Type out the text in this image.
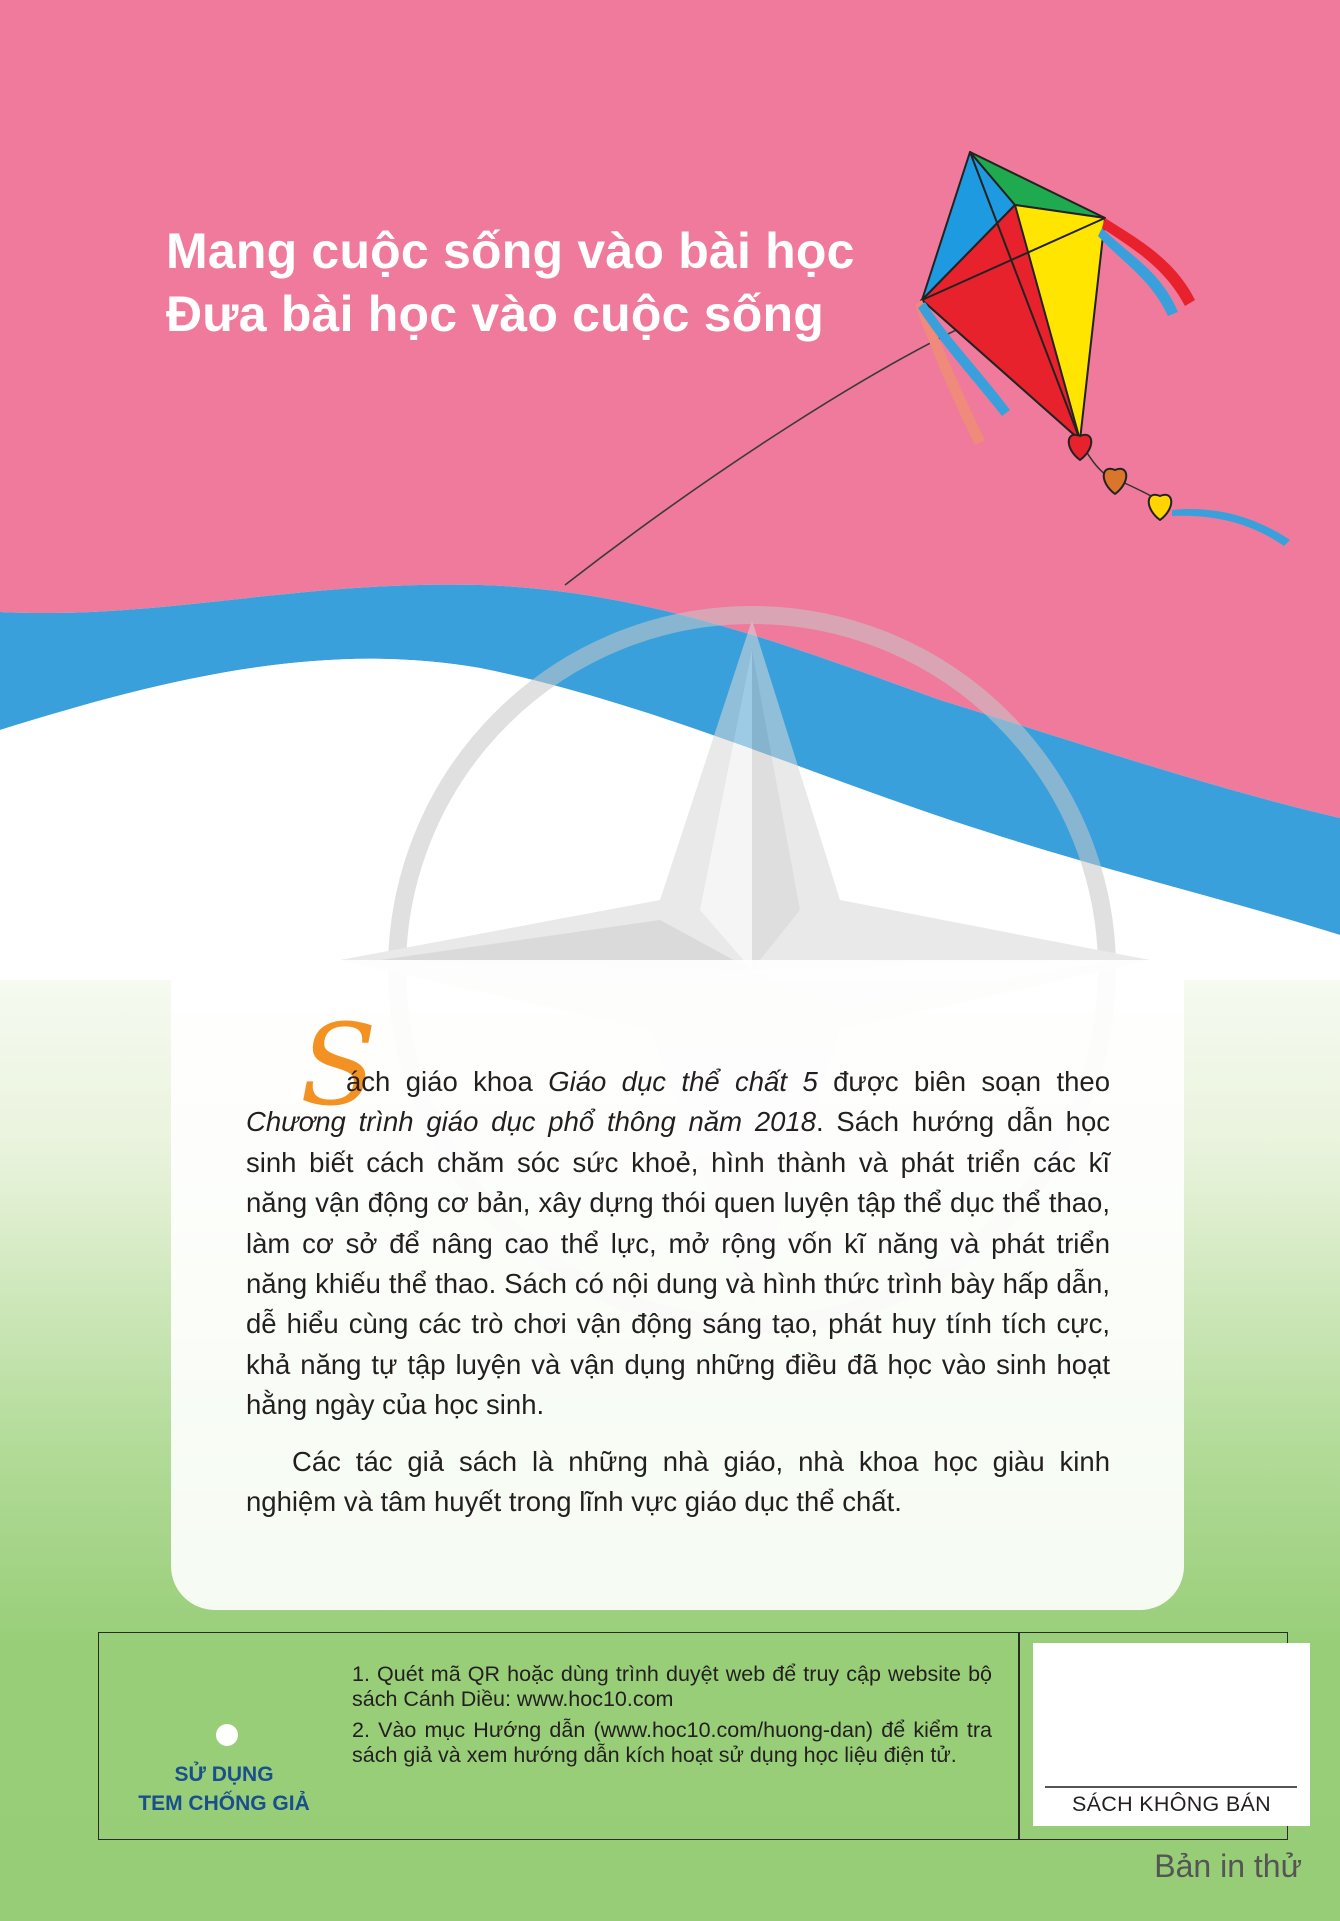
Mang cuộc sống vào bài học
Đưa bài học vào cuộc sống
S

ách giáo khoa Giáo dục thể chất 5 được biên soạn theo Chương trình giáo dục phổ thông năm 2018. Sách hướng dẫn học sinh biết cách chăm sóc sức khoẻ, hình thành và phát triển các kĩ năng vận động cơ bản, xây dựng thói quen luyện tập thể dục thể thao, làm cơ sở để nâng cao thể lực, mở rộng vốn kĩ năng và phát triển năng khiếu thể thao. Sách có nội dung và hình thức trình bày hấp dẫn, dễ hiểu cùng các trò chơi vận động sáng tạo, phát huy tính tích cực, khả năng tự tập luyện và vận dụng những điều đã học vào sinh hoạt hằng ngày của học sinh.

Các tác giả sách là những nhà giáo, nhà khoa học giàu kinh nghiệm và tâm huyết trong lĩnh vực giáo dục thể chất.

SỬ DỤNG
TEM CHỐNG GIẢ

1. Quét mã QR hoặc dùng trình duyệt web để truy cập website bộ sách Cánh Diều: www.hoc10.com

2. Vào mục Hướng dẫn (www.hoc10.com/huong-dan) để kiểm tra sách giả và xem hướng dẫn kích hoạt sử dụng học liệu điện tử.

SÁCH KHÔNG BÁN
Bản in thử
